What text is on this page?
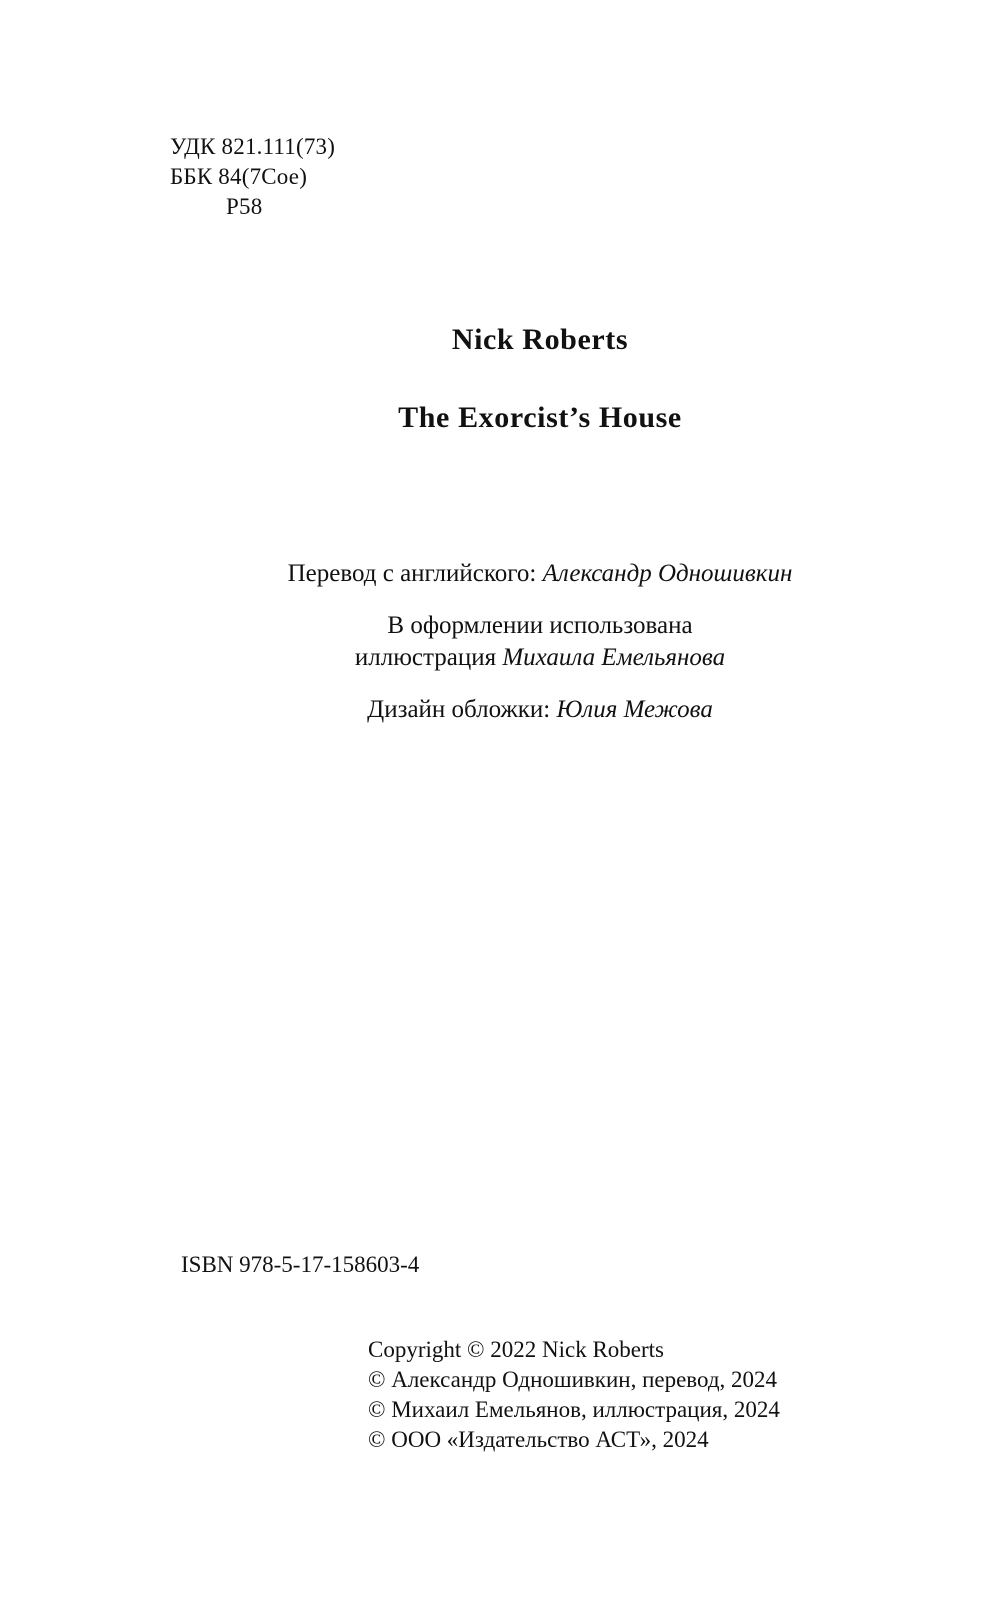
УДК 821.111(73)
ББК 84(7Сое)
Р58
Nick Roberts
The Exorcist’s House
Перевод с английского: Александр Одношивкин
В оформлении использована
иллюстрация Михаила Емельянова
Дизайн обложки: Юлия Межова
ISBN 978-5-17-158603-4
Copyright © 2022 Nick Roberts
© Александр Одношивкин, перевод, 2024
© Михаил Емельянов, иллюстрация, 2024
© ООО «Издательство АСТ», 2024
